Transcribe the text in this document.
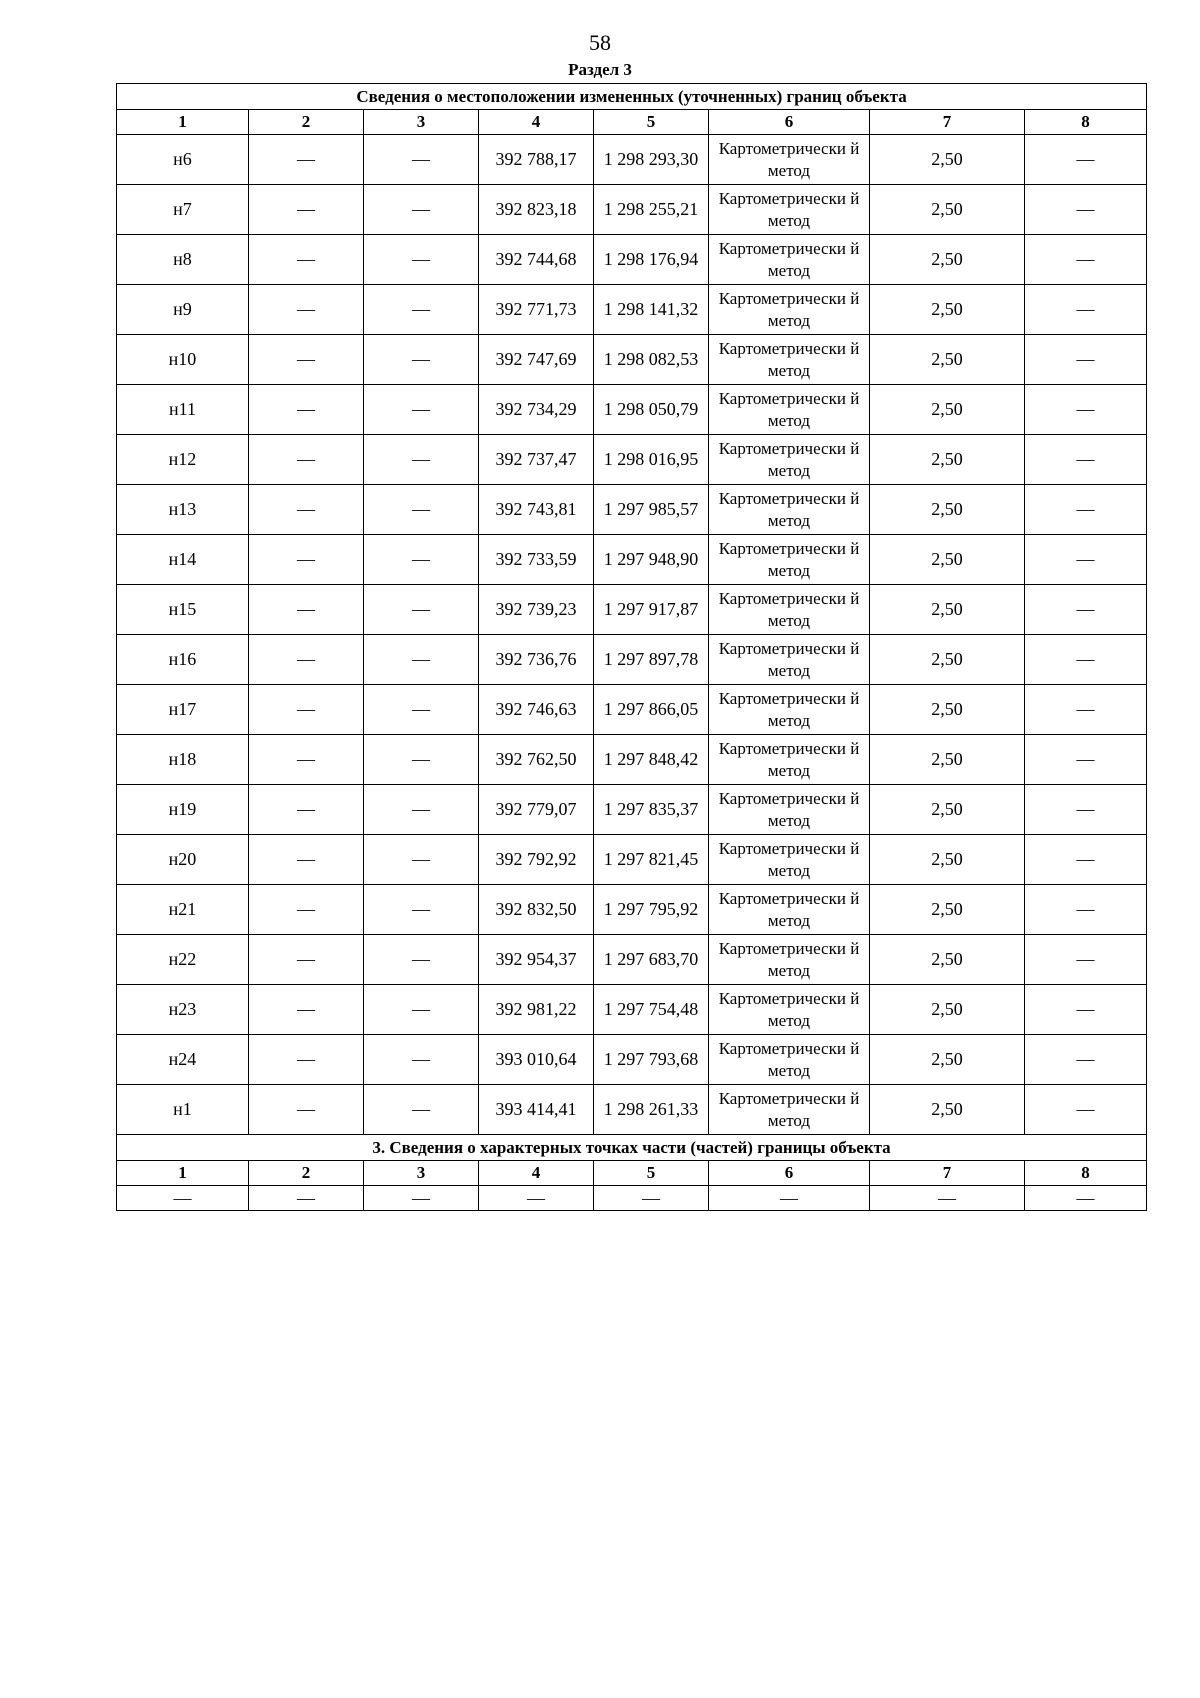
58
Раздел 3
Сведения о местоположении измененных (уточненных) границ объекта							
1	2	3	4	5	6	7	8
н6	—	—	392 788,17	1 298 293,30	Картометрически й метод	2,50	—
н7	—	—	392 823,18	1 298 255,21	Картометрически й метод	2,50	—
н8	—	—	392 744,68	1 298 176,94	Картометрически й метод	2,50	—
н9	—	—	392 771,73	1 298 141,32	Картометрически й метод	2,50	—
н10	—	—	392 747,69	1 298 082,53	Картометрически й метод	2,50	—
н11	—	—	392 734,29	1 298 050,79	Картометрически й метод	2,50	—
н12	—	—	392 737,47	1 298 016,95	Картометрически й метод	2,50	—
н13	—	—	392 743,81	1 297 985,57	Картометрически й метод	2,50	—
н14	—	—	392 733,59	1 297 948,90	Картометрически й метод	2,50	—
н15	—	—	392 739,23	1 297 917,87	Картометрически й метод	2,50	—
н16	—	—	392 736,76	1 297 897,78	Картометрически й метод	2,50	—
н17	—	—	392 746,63	1 297 866,05	Картометрически й метод	2,50	—
н18	—	—	392 762,50	1 297 848,42	Картометрически й метод	2,50	—
н19	—	—	392 779,07	1 297 835,37	Картометрически й метод	2,50	—
н20	—	—	392 792,92	1 297 821,45	Картометрически й метод	2,50	—
н21	—	—	392 832,50	1 297 795,92	Картометрически й метод	2,50	—
н22	—	—	392 954,37	1 297 683,70	Картометрически й метод	2,50	—
н23	—	—	392 981,22	1 297 754,48	Картометрически й метод	2,50	—
н24	—	—	393 010,64	1 297 793,68	Картометрически й метод	2,50	—
н1	—	—	393 414,41	1 298 261,33	Картометрически й метод	2,50	—
3. Сведения о характерных точках части (частей) границы объекта							
1	2	3	4	5	6	7	8
—	—	—	—	—	—	—	—
